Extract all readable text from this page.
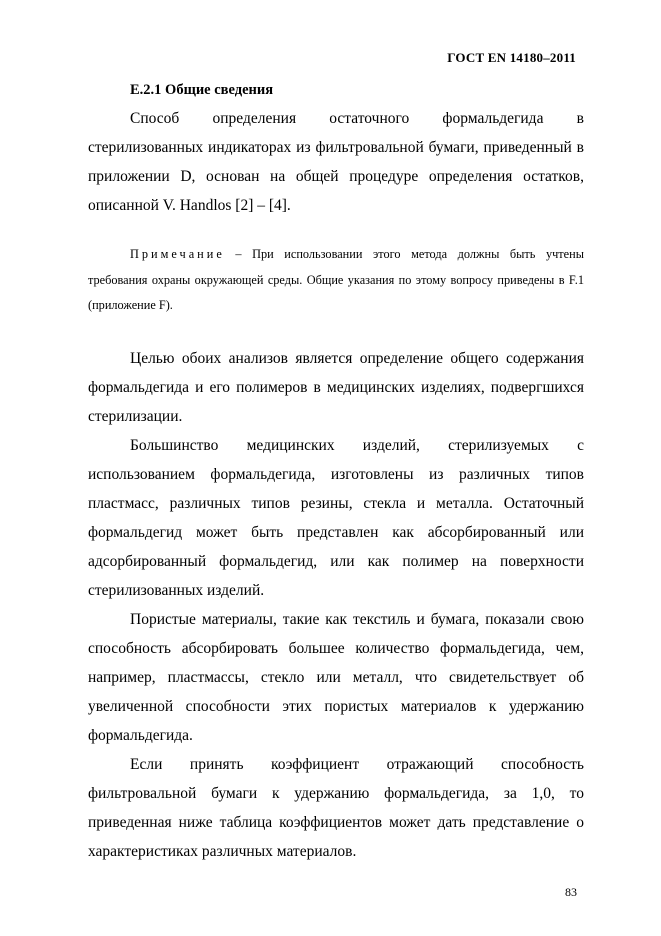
ГОСТ EN 14180–2011
E.2.1 Общие сведения

Способ определения остаточного формальдегида в стерилизованных индикаторах из фильтровальной бумаги, приведенный в приложении D, основан на общей процедуре определения остатков, описанной V. Handlos [2] – [4].

Примечание – При использовании этого метода должны быть учтены требования охраны окружающей среды. Общие указания по этому вопросу приведены в F.1 (приложение F).

Целью обоих анализов является определение общего содержания формальдегида и его полимеров в медицинских изделиях, подвергшихся стерилизации.

Большинство медицинских изделий, стерилизуемых с использованием формальдегида, изготовлены из различных типов пластмасс, различных типов резины, стекла и металла. Остаточный формальдегид может быть представлен как абсорбированный или адсорбированный формальдегид, или как полимер на поверхности стерилизованных изделий.

Пористые материалы, такие как текстиль и бумага, показали свою способность абсорбировать большее количество формальдегида, чем, например, пластмассы, стекло или металл, что свидетельствует об увеличенной способности этих пористых материалов к удержанию формальдегида.

Если принять коэффициент отражающий способность фильтровальной бумаги к удержанию формальдегида, за 1,0, то приведенная ниже таблица коэффициентов может дать представление о характеристиках различных материалов.

83
